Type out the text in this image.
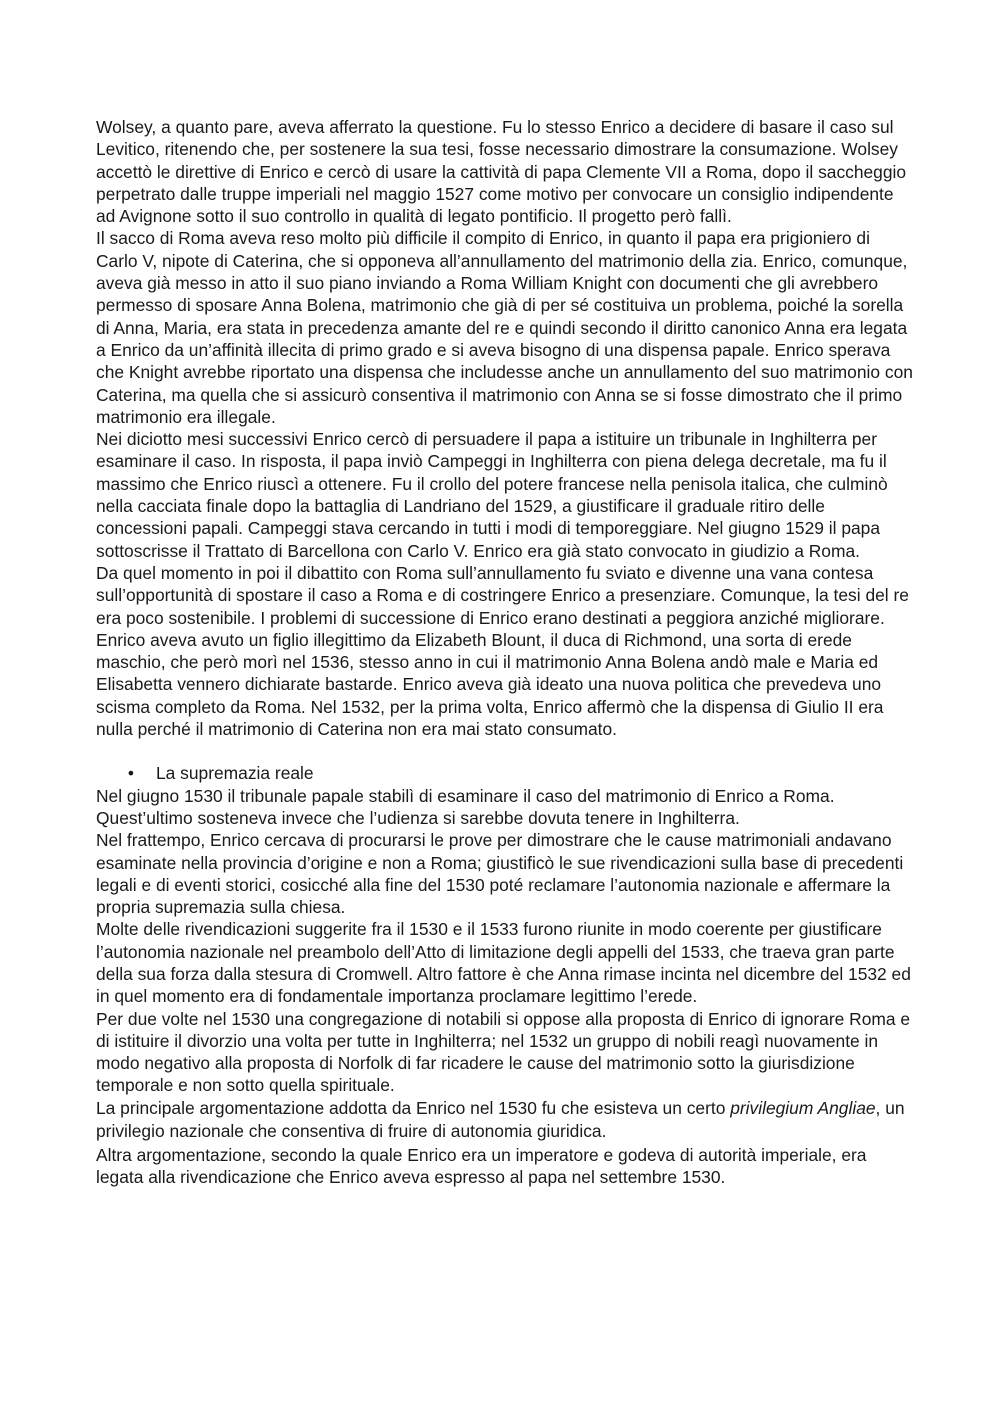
Wolsey, a quanto pare, aveva afferrato la questione. Fu lo stesso Enrico a decidere di basare il caso sul Levitico, ritenendo che, per sostenere la sua tesi, fosse necessario dimostrare la consumazione. Wolsey accettò le direttive di Enrico e cercò di usare la cattività di papa Clemente VII a Roma, dopo il saccheggio perpetrato dalle truppe imperiali nel maggio 1527 come motivo per convocare un consiglio indipendente ad Avignone sotto il suo controllo in qualità di legato pontificio. Il progetto però fallì.

Il sacco di Roma aveva reso molto più difficile il compito di Enrico, in quanto il papa era prigioniero di Carlo V, nipote di Caterina, che si opponeva all’annullamento del matrimonio della zia. Enrico, comunque, aveva già messo in atto il suo piano inviando a Roma William Knight con documenti che gli avrebbero permesso di sposare Anna Bolena, matrimonio che già di per sé costituiva un problema, poiché la sorella di Anna, Maria, era stata in precedenza amante del re e quindi secondo il diritto canonico Anna era legata a Enrico da un’affinità illecita di primo grado e si aveva bisogno di una dispensa papale. Enrico sperava che Knight avrebbe riportato una dispensa che includesse anche un annullamento del suo matrimonio con Caterina, ma quella che si assicurò consentiva il matrimonio con Anna se si fosse dimostrato che il primo matrimonio era illegale.

Nei diciotto mesi successivi Enrico cercò di persuadere il papa a istituire un tribunale in Inghilterra per esaminare il caso. In risposta, il papa inviò Campeggi in Inghilterra con piena delega decretale, ma fu il massimo che Enrico riuscì a ottenere. Fu il crollo del potere francese nella penisola italica, che culminò nella cacciata finale dopo la battaglia di Landriano del 1529, a giustificare il graduale ritiro delle concessioni papali. Campeggi stava cercando in tutti i modi di temporeggiare. Nel giugno 1529 il papa sottoscrisse il Trattato di Barcellona con Carlo V. Enrico era già stato convocato in giudizio a Roma.

Da quel momento in poi il dibattito con Roma sull’annullamento fu sviato e divenne una vana contesa sull’opportunità di spostare il caso a Roma e di costringere Enrico a presenziare. Comunque, la tesi del re era poco sostenibile. I problemi di successione di Enrico erano destinati a peggiora anziché migliorare. Enrico aveva avuto un figlio illegittimo da Elizabeth Blount, il duca di Richmond, una sorta di erede maschio, che però morì nel 1536, stesso anno in cui il matrimonio Anna Bolena andò male e Maria ed Elisabetta vennero dichiarate bastarde. Enrico aveva già ideato una nuova politica che prevedeva uno scisma completo da Roma. Nel 1532, per la prima volta, Enrico affermò che la dispensa di Giulio II era nulla perché il matrimonio di Caterina non era mai stato consumato.

•	La supremazia reale

Nel giugno 1530 il tribunale papale stabilì di esaminare il caso del matrimonio di Enrico a Roma. Quest’ultimo sosteneva invece che l’udienza si sarebbe dovuta tenere in Inghilterra.

Nel frattempo, Enrico cercava di procurarsi le prove per dimostrare che le cause matrimoniali andavano esaminate nella provincia d’origine e non a Roma; giustificò le sue rivendicazioni sulla base di precedenti legali e di eventi storici, cosicché alla fine del 1530 poté reclamare l’autonomia nazionale e affermare la propria supremazia sulla chiesa.

Molte delle rivendicazioni suggerite fra il 1530 e il 1533 furono riunite in modo coerente per giustificare l’autonomia nazionale nel preambolo dell’Atto di limitazione degli appelli del 1533, che traeva gran parte della sua forza dalla stesura di Cromwell. Altro fattore è che Anna rimase incinta nel dicembre del 1532 ed in quel momento era di fondamentale importanza proclamare legittimo l’erede.

Per due volte nel 1530 una congregazione di notabili si oppose alla proposta di Enrico di ignorare Roma e di istituire il divorzio una volta per tutte in Inghilterra; nel 1532 un gruppo di nobili reagì nuovamente in modo negativo alla proposta di Norfolk di far ricadere le cause del matrimonio sotto la giurisdizione temporale e non sotto quella spirituale.

La principale argomentazione addotta da Enrico nel 1530 fu che esisteva un certo privilegium Angliae, un privilegio nazionale che consentiva di fruire di autonomia giuridica.

Altra argomentazione, secondo la quale Enrico era un imperatore e godeva di autorità imperiale, era legata alla rivendicazione che Enrico aveva espresso al papa nel settembre 1530.
